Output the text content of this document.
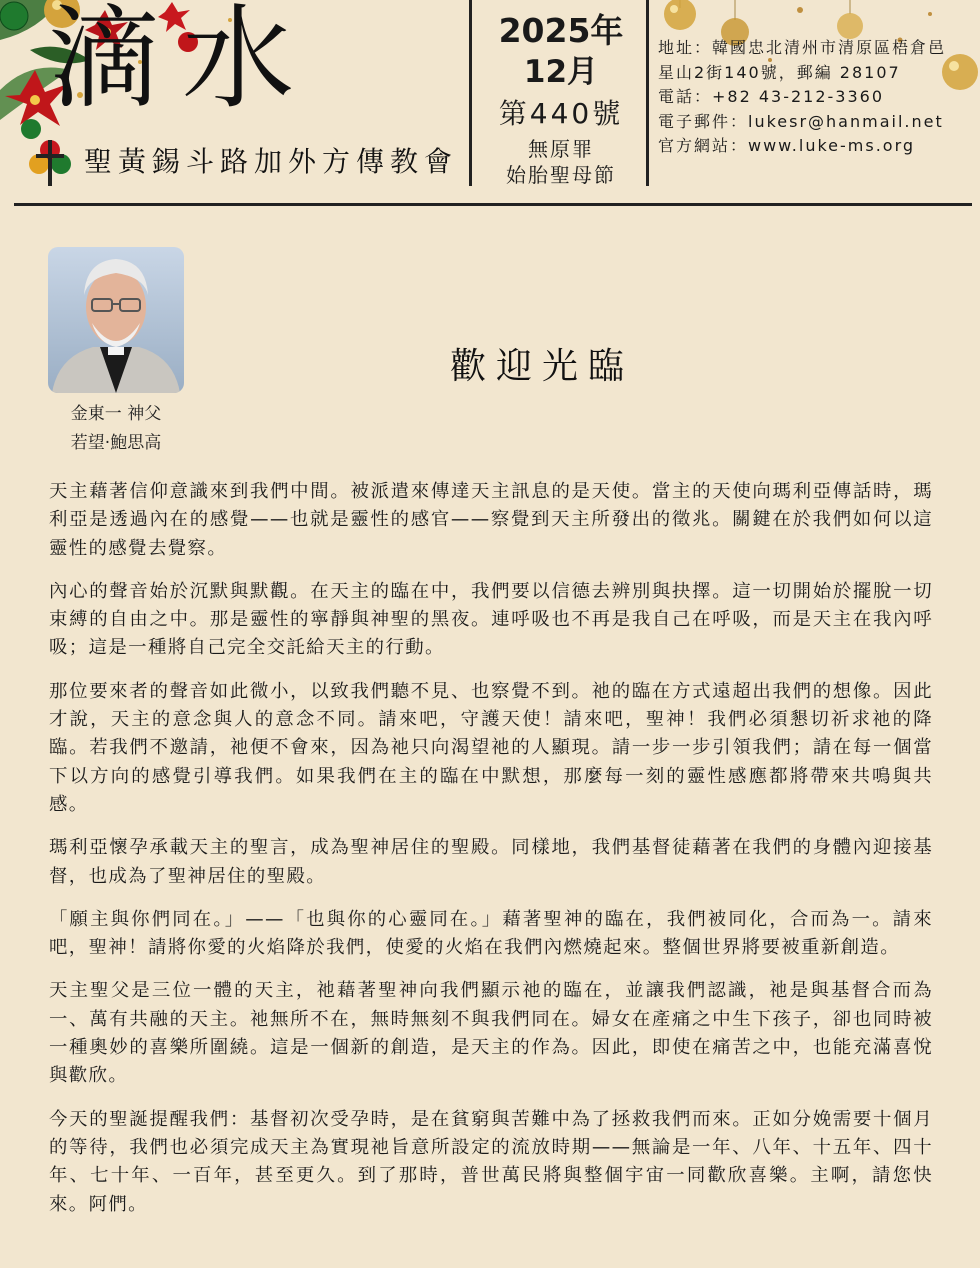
滴水
聖黃錫斗路加外方傳教會
2025年
12月
第440號
無原罪
始胎聖母節
地址：韓國忠北清州市清原區梧倉邑
星山2街140號，郵編 28107
電話：+82 43-212-3360
電子郵件：lukesr@hanmail.net
官方網站：www.luke-ms.org
金東一 神父
若望·鮑思高
歡迎光臨

天主藉著信仰意識來到我們中間。被派遣來傳達天主訊息的是天使。當主的天使向瑪利亞傳話時，瑪利亞是透過內在的感覺——也就是靈性的感官——察覺到天主所發出的徵兆。關鍵在於我們如何以這靈性的感覺去覺察。

內心的聲音始於沉默與默觀。在天主的臨在中，我們要以信德去辨別與抉擇。這一切開始於擺脫一切束縛的自由之中。那是靈性的寧靜與神聖的黑夜。連呼吸也不再是我自己在呼吸，而是天主在我內呼吸；這是一種將自己完全交託給天主的行動。

那位要來者的聲音如此微小，以致我們聽不見、也察覺不到。祂的臨在方式遠超出我們的想像。因此才說，天主的意念與人的意念不同。請來吧，守護天使！請來吧，聖神！我們必須懇切祈求祂的降臨。若我們不邀請，祂便不會來，因為祂只向渴望祂的人顯現。請一步一步引領我們；請在每一個當下以方向的感覺引導我們。如果我們在主的臨在中默想，那麼每一刻的靈性感應都將帶來共鳴與共感。

瑪利亞懷孕承載天主的聖言，成為聖神居住的聖殿。同樣地，我們基督徒藉著在我們的身體內迎接基督，也成為了聖神居住的聖殿。

「願主與你們同在。」——「也與你的心靈同在。」藉著聖神的臨在，我們被同化，合而為一。請來吧，聖神！請將你愛的火焰降於我們，使愛的火焰在我們內燃燒起來。整個世界將要被重新創造。

天主聖父是三位一體的天主，祂藉著聖神向我們顯示祂的臨在，並讓我們認識，祂是與基督合而為一、萬有共融的天主。祂無所不在，無時無刻不與我們同在。婦女在產痛之中生下孩子，卻也同時被一種奧妙的喜樂所圍繞。這是一個新的創造，是天主的作為。因此，即使在痛苦之中，也能充滿喜悅與歡欣。

今天的聖誕提醒我們：基督初次受孕時，是在貧窮與苦難中為了拯救我們而來。正如分娩需要十個月的等待，我們也必須完成天主為實現祂旨意所設定的流放時期——無論是一年、八年、十五年、四十年、七十年、一百年，甚至更久。到了那時，普世萬民將與整個宇宙一同歡欣喜樂。主啊，請您快來。阿們。
